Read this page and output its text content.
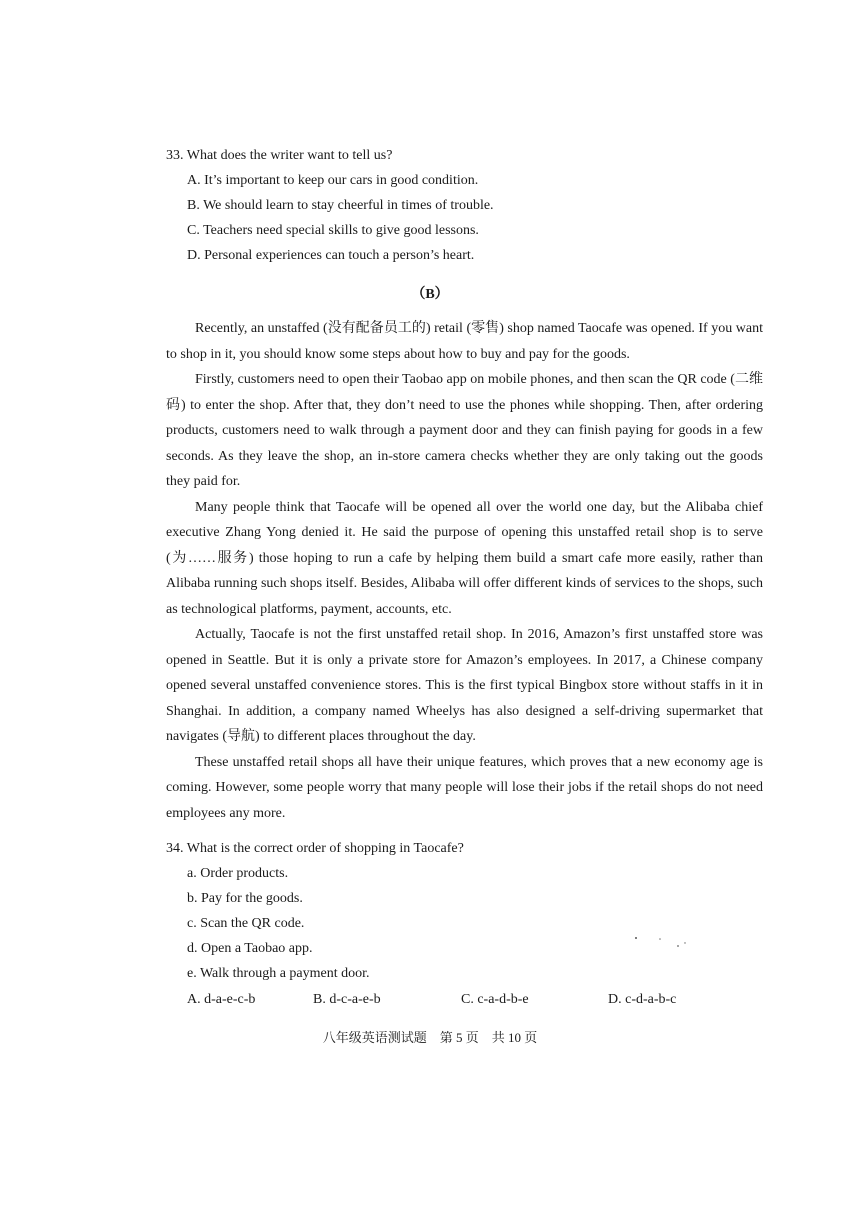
33. What does the writer want to tell us?

A. It’s important to keep our cars in good condition.

B. We should learn to stay cheerful in times of trouble.

C. Teachers need special skills to give good lessons.

D. Personal experiences can touch a person’s heart.

（B）

Recently, an unstaffed (没有配备员工的) retail (零售) shop named Taocafe was opened. If you want to shop in it, you should know some steps about how to buy and pay for the goods.

Firstly, customers need to open their Taobao app on mobile phones, and then scan the QR code (二维码) to enter the shop. After that, they don’t need to use the phones while shopping. Then, after ordering products, customers need to walk through a payment door and they can finish paying for goods in a few seconds. As they leave the shop, an in-store camera checks whether they are only taking out the goods they paid for.

Many people think that Taocafe will be opened all over the world one day, but the Alibaba chief executive Zhang Yong denied it. He said the purpose of opening this unstaffed retail shop is to serve (为……服务) those hoping to run a cafe by helping them build a smart cafe more easily, rather than Alibaba running such shops itself. Besides, Alibaba will offer different kinds of services to the shops, such as technological platforms, payment, accounts, etc.

Actually, Taocafe is not the first unstaffed retail shop. In 2016, Amazon’s first unstaffed store was opened in Seattle. But it is only a private store for Amazon’s employees. In 2017, a Chinese company opened several unstaffed convenience stores. This is the first typical Bingbox store without staffs in it in Shanghai. In addition, a company named Wheelys has also designed a self-driving supermarket that navigates (导航) to different places throughout the day.

These unstaffed retail shops all have their unique features, which proves that a new economy age is coming. However, some people worry that many people will lose their jobs if the retail shops do not need employees any more.

34. What is the correct order of shopping in Taocafe?

a. Order products.

b. Pay for the goods.

c. Scan the QR code.

d. Open a Taobao app.

e. Walk through a payment door.

A. d-a-e-c-b	B. d-c-a-e-b	C. c-a-d-b-e	D. c-d-a-b-c
八年级英语测试题　第 5 页　共 10 页
